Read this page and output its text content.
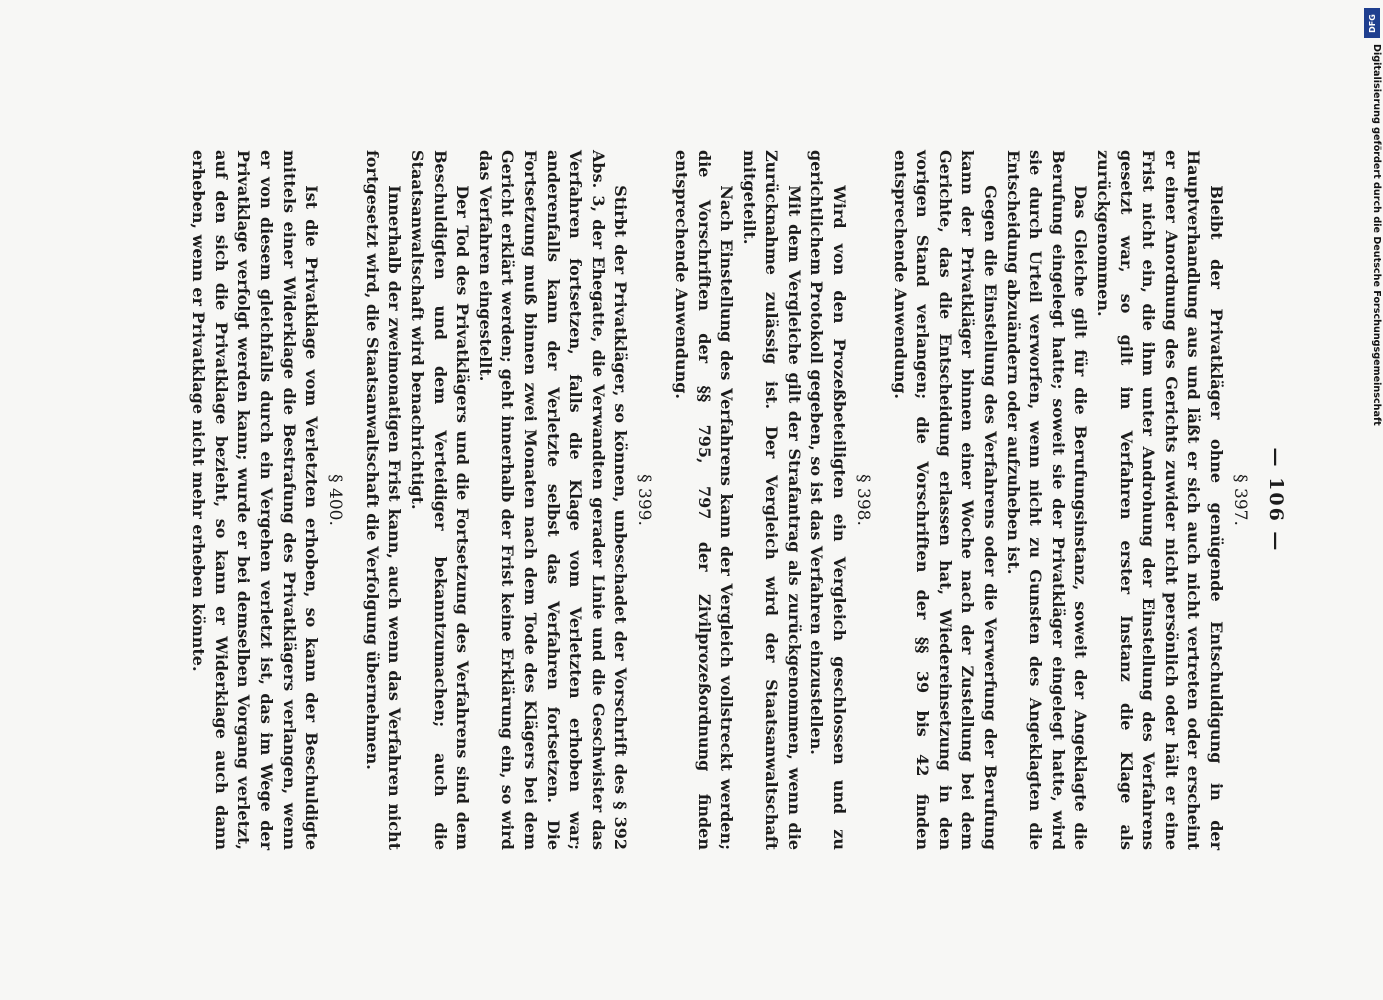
— 106 —
§ 397.

Bleibt der Privatkläger ohne genügende Entschuldigung in der Hauptverhandlung aus und läßt er sich auch nicht vertreten oder erscheint er einer Anordnung des Gerichts zuwider nicht persönlich oder hält er eine Frist nicht ein, die ihm unter Androhung der Einstellung des Verfahrens gesetzt war, so gilt im Verfahren erster Instanz die Klage als zurückgenommen.

Das Gleiche gilt für die Berufungsinstanz, soweit der Angeklagte die Berufung eingelegt hatte; soweit sie der Privatkläger eingelegt hatte, wird sie durch Urteil verworfen, wenn nicht zu Gunsten des Angeklagten die Entscheidung abzuändern oder aufzuheben ist.

Gegen die Einstellung des Verfahrens oder die Verwerfung der Berufung kann der Privatkläger binnen einer Woche nach der Zustellung bei dem Gerichte, das die Entscheidung erlassen hat, Wiedereinsetzung in den vorigen Stand verlangen; die Vorschriften der §§ 39 bis 42 finden entsprechende Anwendung.

§ 398.

Wird von den Prozeßbeteiligten ein Vergleich geschlossen und zu gerichtlichem Protokoll gegeben, so ist das Verfahren einzustellen.

Mit dem Vergleiche gilt der Strafantrag als zurückgenommen, wenn die Zurücknahme zulässig ist. Der Vergleich wird der Staatsanwaltschaft mitgeteilt.

Nach Einstellung des Verfahrens kann der Vergleich vollstreckt werden; die Vorschriften der §§ 795, 797 der Zivilprozeßordnung finden entsprechende Anwendung.

§ 399.

Stirbt der Privatkläger, so können, unbeschadet der Vorschrift des § 392 Abs. 3, der Ehegatte, die Verwandten gerader Linie und die Geschwister das Verfahren fortsetzen, falls die Klage vom Verletzten erhoben war; anderenfalls kann der Verletzte selbst das Verfahren fortsetzen. Die Fortsetzung muß binnen zwei Monaten nach dem Tode des Klägers bei dem Gericht erklärt werden; geht innerhalb der Frist keine Erklärung ein, so wird das Verfahren eingestellt.

Der Tod des Privatklägers und die Fortsetzung des Verfahrens sind dem Beschuldigten und dem Verteidiger bekanntzumachen; auch die Staatsanwaltschaft wird benachrichtigt.

Innerhalb der zweimonatigen Frist kann, auch wenn das Verfahren nicht fortgesetzt wird, die Staatsanwaltschaft die Verfolgung übernehmen.

§ 400.

Ist die Privatklage vom Verletzten erhoben, so kann der Beschuldigte mittels einer Widerklage die Bestrafung des Privatklägers verlangen, wenn er von diesem gleichfalls durch ein Vergehen verletzt ist, das im Wege der Privatklage verfolgt werden kann; wurde er bei demselben Vorgang verletzt, auf den sich die Privatklage bezieht, so kann er Widerklage auch dann erheben, wenn er Privatklage nicht mehr erheben könnte.

DFG
Digitalisierung gefördert durch die Deutsche Forschungsgemeinschaft
